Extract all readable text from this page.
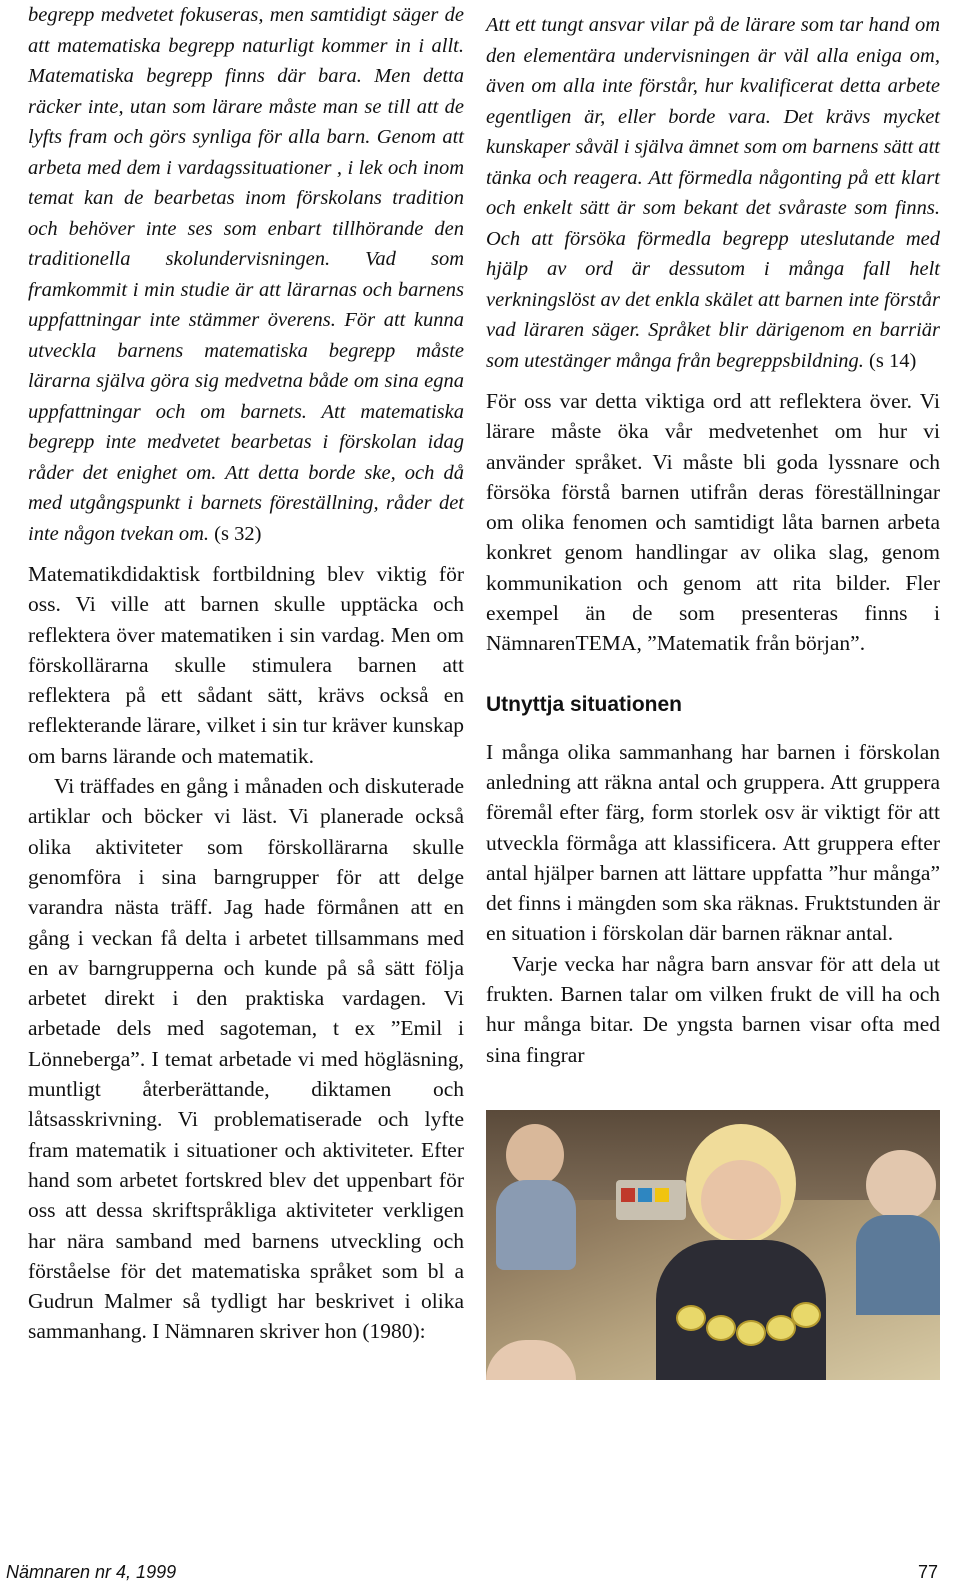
begrepp medvetet fokuseras, men samtidigt säger de att matematiska begrepp naturligt kommer in i allt. Matematiska begrepp finns där bara. Men detta räcker inte, utan som lärare måste man se till att de lyfts fram och görs synliga för alla barn. Genom att arbeta med dem i vardagssituationer , i lek och inom temat kan de bearbetas inom förskolans tradition och behöver inte ses som enbart tillhörande den traditionella skolundervisningen. Vad som framkommit i min studie är att lärarnas och barnens uppfattningar inte stämmer överens. För att kunna utveckla barnens matematiska begrepp måste lärarna själva göra sig medvetna både om sina egna uppfattningar och om barnets. Att matematiska begrepp inte medvetet bearbetas i förskolan idag råder det enighet om. Att detta borde ske, och då med utgångspunkt i barnets föreställning, råder det inte någon tvekan om. (s 32)

Matematikdidaktisk fortbildning blev viktig för oss. Vi ville att barnen skulle upptäcka och reflektera över matematiken i sin vardag. Men om förskollärarna skulle stimulera barnen att reflektera på ett sådant sätt, krävs också en reflekterande lärare, vilket i sin tur kräver kunskap om barns lärande och matematik.

Vi träffades en gång i månaden och diskuterade artiklar och böcker vi läst. Vi planerade också olika aktiviteter som förskollärarna skulle genomföra i sina barngrupper för att delge varandra nästa träff. Jag hade förmånen att en gång i veckan få delta i arbetet tillsammans med en av barngrupperna och kunde på så sätt följa arbetet direkt i den praktiska vardagen. Vi arbetade dels med sagoteman, t ex ”Emil i Lönneberga”. I temat arbetade vi med högläsning, muntligt återberättande, diktamen och låtsasskrivning. Vi problematiserade och lyfte fram matematik i situationer och aktiviteter. Efter hand som arbetet fortskred blev det uppenbart för oss att dessa skriftspråkliga aktiviteter verkligen har nära samband med barnens utveckling och förståelse för det matematiska språket som bl a Gudrun Malmer så tydligt har beskrivet i olika sammanhang. I Nämnaren skriver hon (1980):

Att ett tungt ansvar vilar på de lärare som tar hand om den elementära undervisningen är väl alla eniga om, även om alla inte förstår, hur kvalificerat detta arbete egentligen är, eller borde vara. Det krävs mycket kunskaper såväl i själva ämnet som om barnens sätt att tänka och reagera. Att förmedla någonting på ett klart och enkelt sätt är som bekant det svåraste som finns. Och att försöka förmedla begrepp uteslutande med hjälp av ord är dessutom i många fall helt verkningslöst av det enkla skälet att barnen inte förstår vad läraren säger. Språket blir därigenom en barriär som utestänger många från begreppsbildning. (s 14)

För oss var detta viktiga ord att reflektera över. Vi lärare måste öka vår medvetenhet om hur vi använder språket. Vi måste bli goda lyssnare och försöka förstå barnen utifrån deras föreställningar om olika fenomen och samtidigt låta barnen arbeta konkret genom handlingar av olika slag, genom kommunikation och genom att rita bilder. Fler exempel än de som presenteras finns i NämnarenTEMA, ”Matematik från början”.

Utnyttja situationen

I många olika sammanhang har barnen i förskolan anledning att räkna antal och gruppera. Att gruppera föremål efter färg, form storlek osv är viktigt för att utveckla förmåga att klassificera. Att gruppera efter antal hjälper barnen att lättare uppfatta ”hur många” det finns i mängden som ska räknas. Fruktstunden är en situation i förskolan där barnen räknar antal.

Varje vecka har några barn ansvar för att dela ut frukten. Barnen talar om vilken frukt de vill ha och hur många bitar. De yngsta barnen visar ofta med sina fingrar

Nämnaren nr 4, 1999	77
